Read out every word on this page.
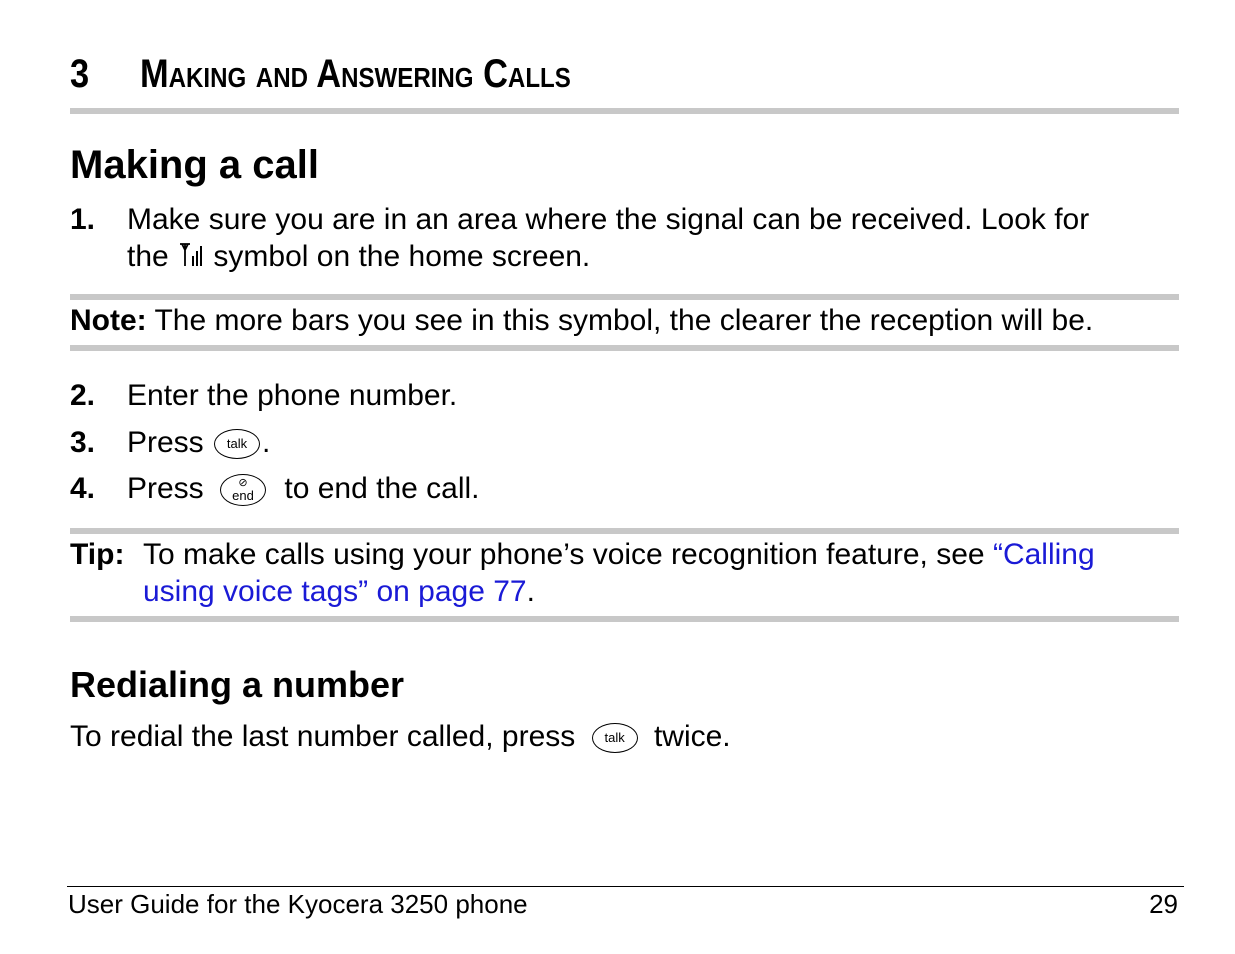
3 Making and Answering Calls
Making a call
1. Make sure you are in an area where the signal can be received. Look for
the symbol on the home screen.
Note: The more bars you see in this symbol, the clearer the reception will be.
2. Enter the phone number.
3. Press talk .
4. Press	⊘
end	to end the call.
Tip: To make calls using your phone’s voice recognition feature, see “Calling
using voice tags” on page 77.
Redialing a number
To redial the last number called, press talk twice.
User Guide for the Kyocera 3250 phone	29
